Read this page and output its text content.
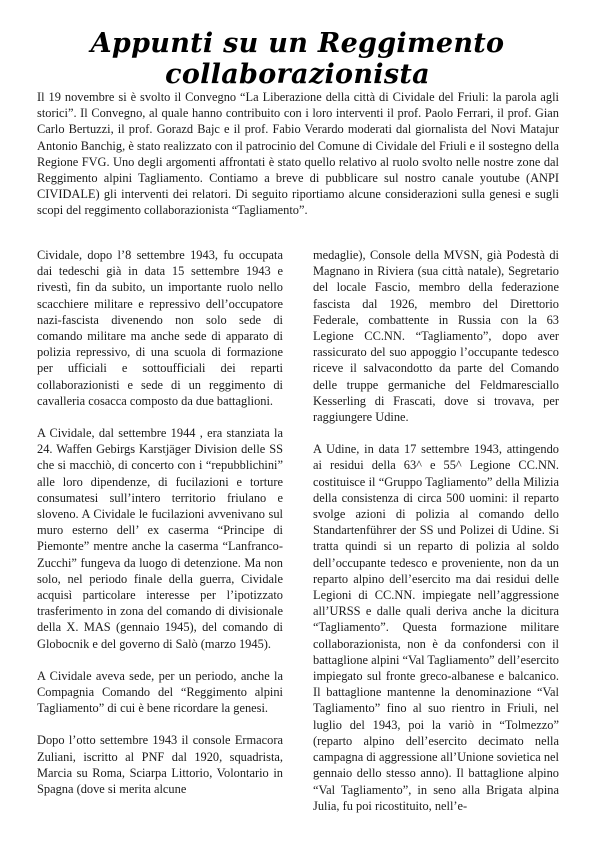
Appunti su un Reggimento collaborazionista

Il 19 novembre si è svolto il Convegno “La Liberazione della città di Cividale del Friuli: la parola agli storici”. Il Convegno, al quale hanno contribuito con i loro interventi il prof. Paolo Ferrari, il prof. Gian Carlo Bertuzzi, il prof. Gorazd Bajc e il prof. Fabio Verardo moderati dal giornalista del Novi Matajur Antonio Banchig, è stato realizzato con il patrocinio del Comune di Cividale del Friuli e il sostegno della Regione FVG. Uno degli argomenti affrontati è stato quello relativo al ruolo svolto nelle nostre zone dal Reggimento alpini Tagliamento. Contiamo a breve di pubblicare sul nostro canale youtube (ANPI CIVIDALE) gli interventi dei relatori. Di seguito riportiamo alcune considerazioni sulla genesi e sugli scopi del reggimento collaborazionista “Tagliamento”.

Cividale, dopo l’8 settembre 1943, fu occupata dai tedeschi già in data 15 settembre 1943 e rivestì, fin da subito, un importante ruolo nello scacchiere militare e repressivo dell’occupatore nazi-fascista divenendo non solo sede di comando militare ma anche sede di apparato di polizia repressivo, di una scuola di formazione per ufficiali e sottoufficiali dei reparti collaborazionisti e sede di un reggimento di cavalleria cosacca composto da due battaglioni.

A Cividale, dal settembre 1944 , era stanziata la 24. Waffen Gebirgs Karstjäger Division delle SS che si macchiò, di concerto con i “repubblichini” alle loro dipendenze, di fucilazioni e torture consumatesi sull’intero territorio friulano e sloveno. A Cividale le fucilazioni avvenivano sul muro esterno dell’ ex caserma “Principe di Piemonte” mentre anche la caserma “Lanfranco-Zucchi” fungeva da luogo di detenzione. Ma non solo, nel periodo finale della guerra, Cividale acquisì particolare interesse per l’ipotizzato trasferimento in zona del comando di divisionale della X. MAS (gennaio 1945), del comando di Globocnik e del governo di Salò (marzo 1945).

A Cividale aveva sede, per un periodo, anche la Compagnia Comando del “Reggimento alpini Tagliamento” di cui è bene ricordare la genesi.

Dopo l’otto settembre 1943 il console Ermacora Zuliani, iscritto al PNF dal 1920, squadrista, Marcia su Roma, Sciarpa Littorio, Volontario in Spagna (dove si merita alcune

medaglie), Console della MVSN, già Podestà di Magnano in Riviera (sua città natale), Segretario del locale Fascio, membro della federazione fascista dal 1926, membro del Direttorio Federale, combattente in Russia con la 63 Legione CC.NN. “Tagliamento”, dopo aver rassicurato del suo appoggio l’occupante tedesco riceve il salvacondotto da parte del Comando delle truppe germaniche del Feldmaresciallo Kesserling di Frascati, dove si trovava, per raggiungere Udine.

A Udine, in data 17 settembre 1943, attingendo ai residui della 63^ e 55^ Legione CC.NN. costituisce il “Gruppo Tagliamento” della Milizia della consistenza di circa 500 uomini: il reparto svolge azioni di polizia al comando dello Standartenführer der SS und Polizei di Udine. Si tratta quindi si un reparto di polizia al soldo dell’occupante tedesco e proveniente, non da un reparto alpino dell’esercito ma dai residui delle Legioni di CC.NN. impiegate nell’aggressione all’URSS e dalle quali deriva anche la dicitura “Tagliamento”. Questa formazione militare collaborazionista, non è da confondersi con il battaglione alpini “Val Tagliamento” dell’esercito impiegato sul fronte greco-albanese e balcanico. Il battaglione mantenne la denominazione “Val Tagliamento” fino al suo rientro in Friuli, nel luglio del 1943, poi la variò in “Tolmezzo” (reparto alpino dell’esercito decimato nella campagna di aggressione all’Unione sovietica nel gennaio dello stesso anno). Il battaglione alpino “Val Tagliamento”, in seno alla Brigata alpina Julia, fu poi ricostituito, nell’e-
